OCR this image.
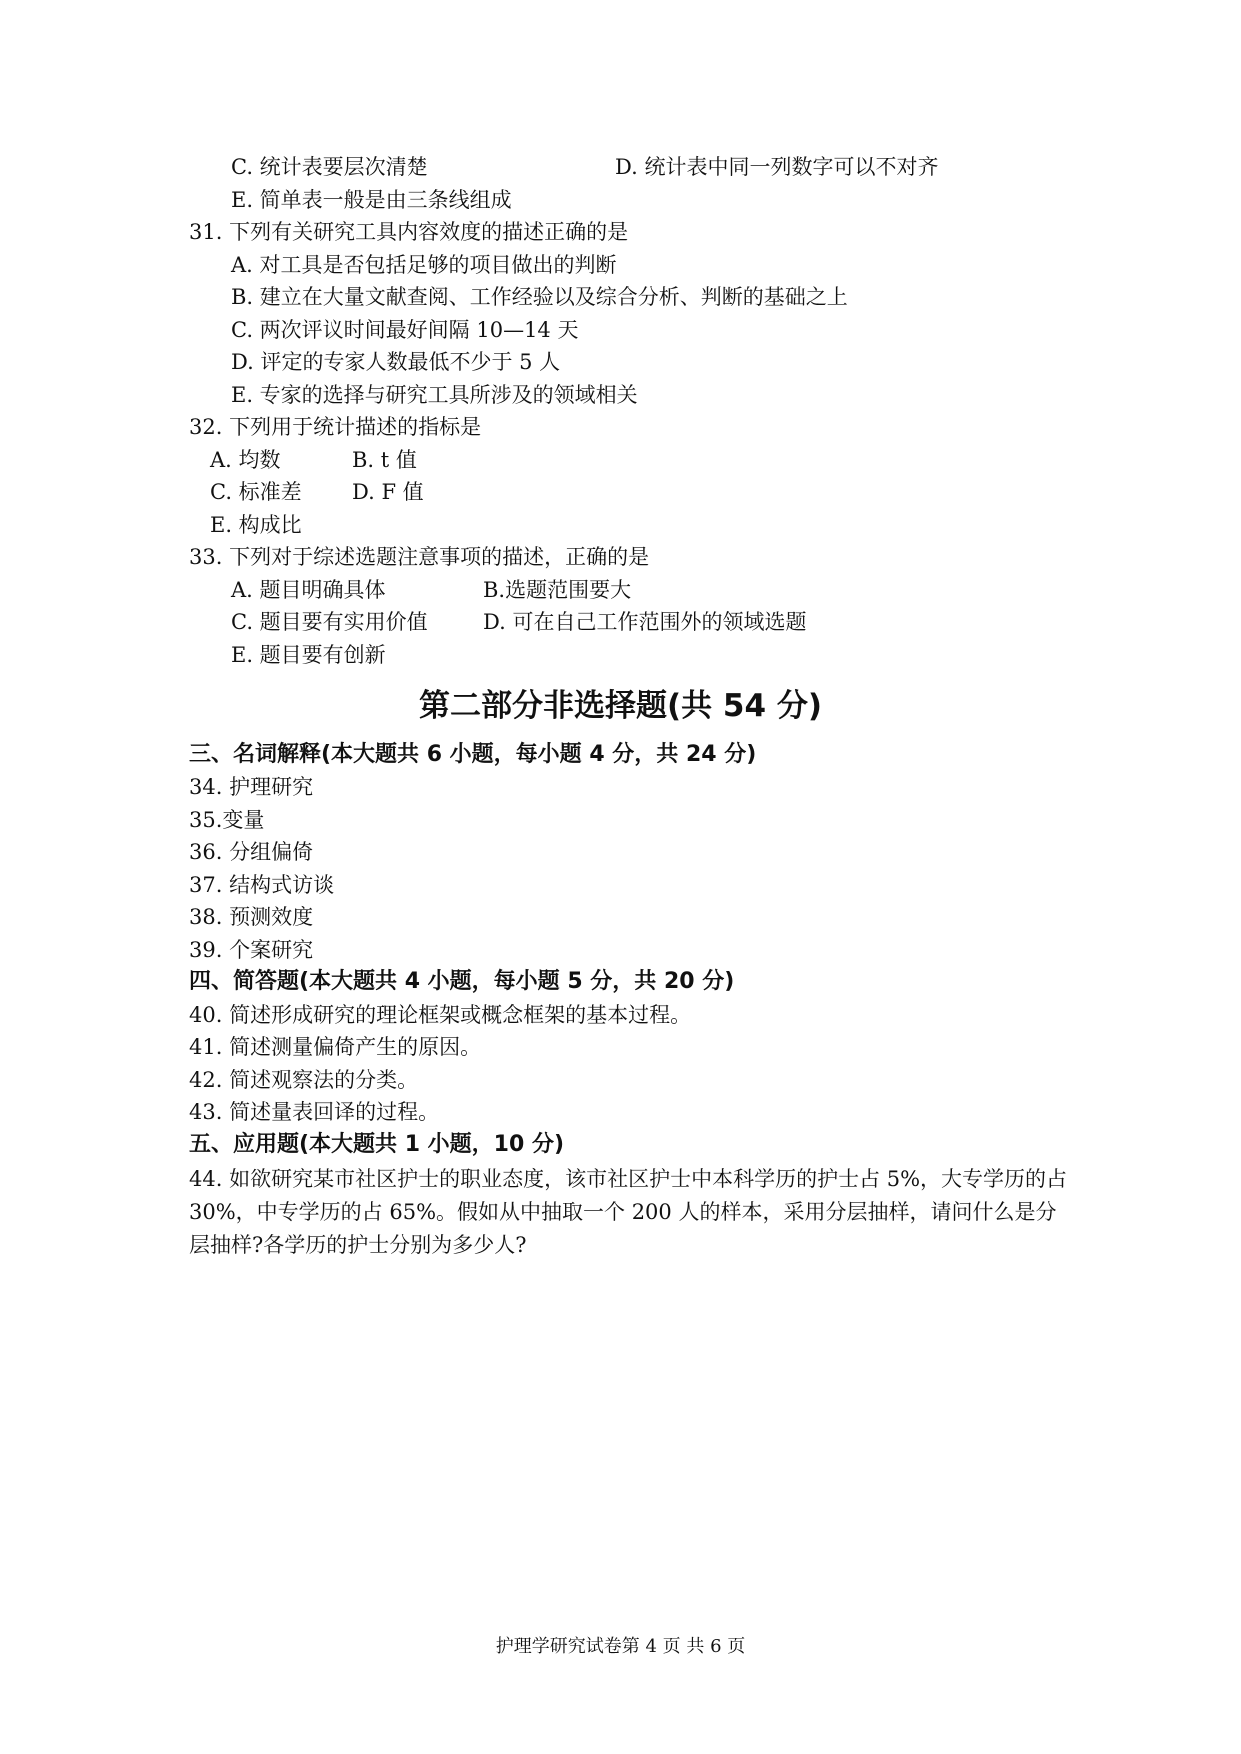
C. 统计表要层次清楚	D. 统计表中同一列数字可以不对齐
E. 简单表一般是由三条线组成
31. 下列有关研究工具内容效度的描述正确的是
A. 对工具是否包括足够的项目做出的判断
B. 建立在大量文献查阅、工作经验以及综合分析、判断的基础之上
C. 两次评议时间最好间隔 10—14 天
D. 评定的专家人数最低不少于 5 人
E. 专家的选择与研究工具所涉及的领域相关
32. 下列用于统计描述的指标是
A. 均数	B. t 值
C. 标准差 D. F 值
E. 构成比
33. 下列对于综述选题注意事项的描述，正确的是
A. 题目明确具体	B.选题范围要大
C. 题目要有实用价值	D. 可在自己工作范围外的领域选题
E. 题目要有创新
第二部分非选择题(共 54 分)
三、名词解释(本大题共 6 小题，每小题 4 分，共 24 分)
34. 护理研究
35.变量
36. 分组偏倚
37. 结构式访谈
38. 预测效度
39. 个案研究
四、简答题(本大题共 4 小题，每小题 5 分，共 20 分)
40. 简述形成研究的理论框架或概念框架的基本过程。
41. 简述测量偏倚产生的原因。
42. 简述观察法的分类。
43. 简述量表回译的过程。
五、应用题(本大题共 1 小题，10 分)
44. 如欲研究某市社区护士的职业态度，该市社区护士中本科学历的护士占 5%，大专学历的占 30%，中专学历的占 65%。假如从中抽取一个 200 人的样本，采用分层抽样，请问什么是分层抽样?各学历的护士分别为多少人?
护理学研究试卷第 4 页 共 6 页
